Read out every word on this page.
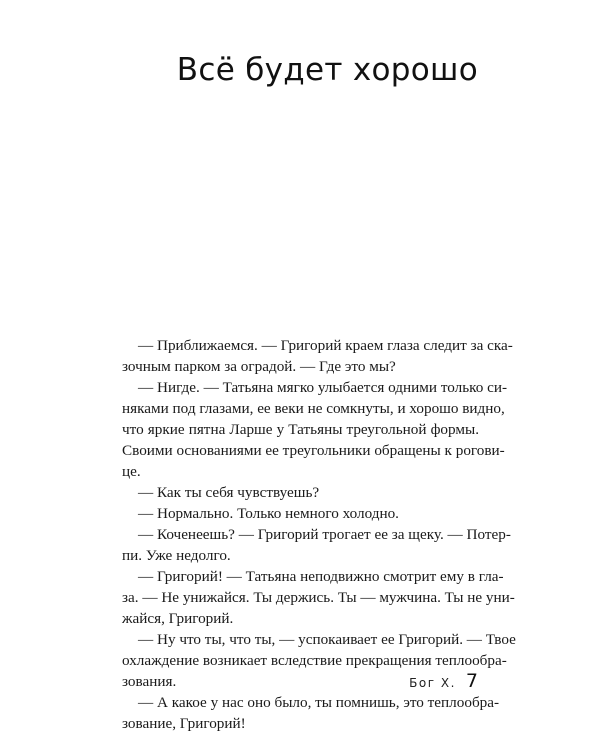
Всё будет хорошо
— Приближаемся. — Григорий краем глаза следит за ска-
зочным парком за оградой. — Где это мы?
— Нигде. — Татьяна мягко улыбается одними только си-
няками под глазами, ее веки не сомкнуты, и хорошо видно,
что яркие пятна Ларше у Татьяны треугольной формы.
Своими основаниями ее треугольники обращены к рогови-
це.
— Как ты себя чувствуешь?
— Нормально. Только немного холодно.
— Коченеешь? — Григорий трогает ее за щеку. — Потер-
пи. Уже недолго.
— Григорий! — Татьяна неподвижно смотрит ему в гла-
за. — Не унижайся. Ты держись. Ты — мужчина. Ты не уни-
жайся, Григорий.
— Ну что ты, что ты, — успокаивает ее Григорий. — Твое
охлаждение возникает вследствие прекращения теплообра-
зования.
— А какое у нас оно было, ты помнишь, это теплообра-
зование, Григорий!
Бог Х. 7
